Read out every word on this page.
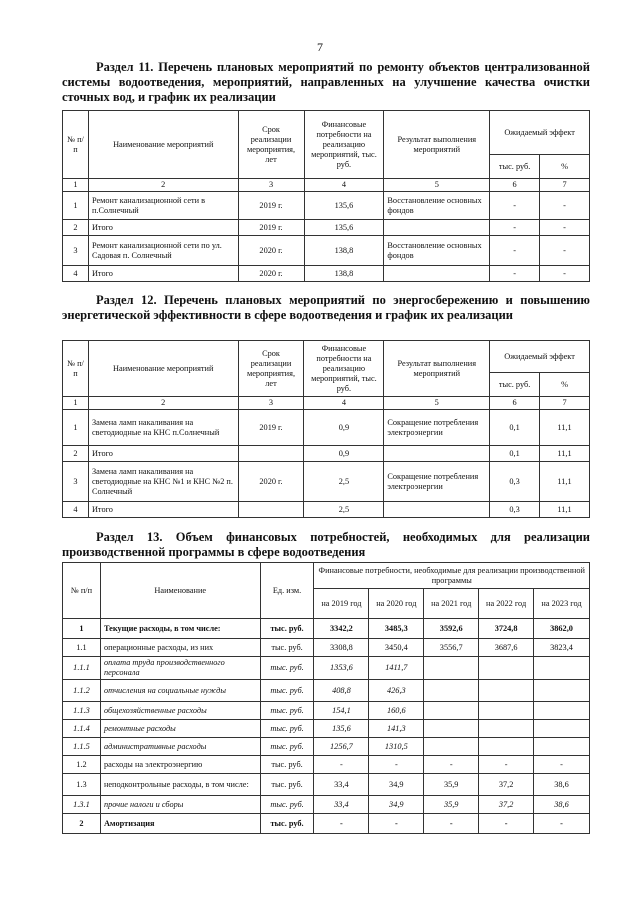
7
Раздел 11. Перечень плановых мероприятий по ремонту объектов централизованной системы водоотведения, мероприятий, направленных на улучшение качества очистки сточных вод, и график их реализации
№ п/п	Наименование мероприятий	Срок реализации мероприятия, лет	Финансовые потребности на реализацию мероприятий, тыс. руб.	Результат выполнения мероприятий	Ожидаемый эффект	
					тыс. руб.	%
1	2	3	4	5	6	7
1	Ремонт канализационной сети в п.Солнечный	2019 г.	135,6	Восстановление основных фондов	-	-
2	Итого	2019 г.	135,6		-	-
3	Ремонт канализационной сети по ул. Садовая п. Солнечный	2020 г.	138,8	Восстановление основных фондов	-	-
4	Итого	2020 г.	138,8		-	-
Раздел 12. Перечень плановых мероприятий по энергосбережению и повышению энергетической эффективности в сфере водоотведения и график их реализации
№ п/п	Наименование мероприятий	Срок реализации мероприятия, лет	Финансовые потребности на реализацию мероприятий, тыс. руб.	Результат выполнения мероприятий	Ожидаемый эффект	
					тыс. руб.	%
1	2	3	4	5	6	7
1	Замена ламп накаливания на светодиодные на КНС п.Солнечный	2019 г.	0,9	Сокращение потребления электроэнергии	0,1	11,1
2	Итого		0,9		0,1	11,1
3	Замена ламп накаливания на светодиодные на КНС №1 и КНС №2 п. Солнечный	2020 г.	2,5	Сокращение потребления электроэнергии	0,3	11,1
4	Итого		2,5		0,3	11,1
Раздел 13. Объем финансовых потребностей, необходимых для реализации производственной программы в сфере водоотведения
№ п/п	Наименование	Ед. изм.	Финансовые потребности, необходимые для реализации производственной программы				
			на 2019 год	на 2020 год	на 2021 год	на 2022 год	на 2023 год
1	Текущие расходы, в том числе:	тыс. руб.	3342,2	3485,3	3592,6	3724,8	3862,0
1.1	операционные расходы, из них	тыс. руб.	3308,8	3450,4	3556,7	3687,6	3823,4
1.1.1	оплата труда производственного персонала	тыс. руб.	1353,6	1411,7			
1.1.2	отчисления на социальные нужды	тыс. руб.	408,8	426,3			
1.1.3	общехозяйственные расходы	тыс. руб.	154,1	160,6			
1.1.4	ремонтные расходы	тыс. руб.	135,6	141,3			
1.1.5	административные расходы	тыс. руб.	1256,7	1310,5			
1.2	расходы на электроэнергию	тыс. руб.	-	-	-	-	-
1.3	неподконтрольные расходы, в том числе:	тыс. руб.	33,4	34,9	35,9	37,2	38,6
1.3.1	прочие налоги и сборы	тыс. руб.	33,4	34,9	35,9	37,2	38,6
2	Амортизация	тыс. руб.	-	-	-	-	-
